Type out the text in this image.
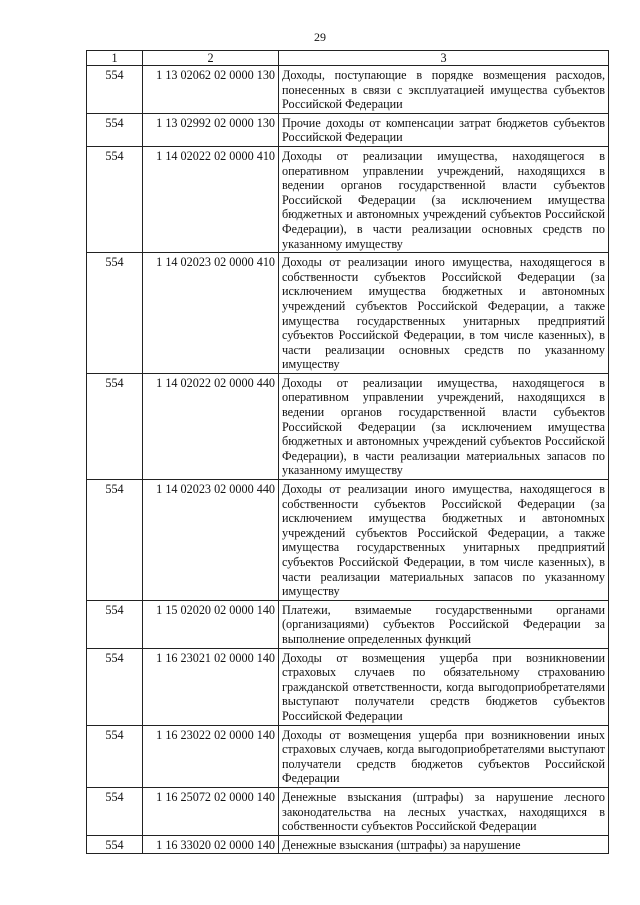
29
1	2	3
554	1 13 02062 02 0000 130	Доходы, поступающие в порядке возмещения расходов, понесенных в связи с эксплуатацией имущества субъектов Российской Федерации
554	1 13 02992 02 0000 130	Прочие доходы от компенсации затрат бюджетов субъектов Российской Федерации
554	1 14 02022 02 0000 410	Доходы от реализации имущества, находящегося в оперативном управлении учреждений, находящихся в ведении органов государственной власти субъектов Российской Федерации (за исключением имущества бюджетных и автономных учреждений субъектов Российской Федерации), в части реализации основных средств по указанному имуществу
554	1 14 02023 02 0000 410	Доходы от реализации иного имущества, находящегося в собственности субъектов Российской Федерации (за исключением имущества бюджетных и автономных учреждений субъектов Российской Федерации, а также имущества государственных унитарных предприятий субъектов Российской Федерации, в том числе казенных), в части реализации основных средств по указанному имуществу
554	1 14 02022 02 0000 440	Доходы от реализации имущества, находящегося в оперативном управлении учреждений, находящихся в ведении органов государственной власти субъектов Российской Федерации (за исключением имущества бюджетных и автономных учреждений субъектов Российской Федерации), в части реализации материальных запасов по указанному имуществу
554	1 14 02023 02 0000 440	Доходы от реализации иного имущества, находящегося в собственности субъектов Российской Федерации (за исключением имущества бюджетных и автономных учреждений субъектов Российской Федерации, а также имущества государственных унитарных предприятий субъектов Российской Федерации, в том числе казенных), в части реализации материальных запасов по указанному имуществу
554	1 15 02020 02 0000 140	Платежи, взимаемые государственными органами (организациями) субъектов Российской Федерации за выполнение определенных функций
554	1 16 23021 02 0000 140	Доходы от возмещения ущерба при возникновении страховых случаев по обязательному страхованию гражданской ответственности, когда выгодоприобретателями выступают получатели средств бюджетов субъектов Российской Федерации
554	1 16 23022 02 0000 140	Доходы от возмещения ущерба при возникновении иных страховых случаев, когда выгодоприобретателями выступают получатели средств бюджетов субъектов Российской Федерации
554	1 16 25072 02 0000 140	Денежные взыскания (штрафы) за нарушение лесного законодательства на лесных участках, находящихся в собственности субъектов Российской Федерации
554	1 16 33020 02 0000 140	Денежные взыскания (штрафы) за нарушение
